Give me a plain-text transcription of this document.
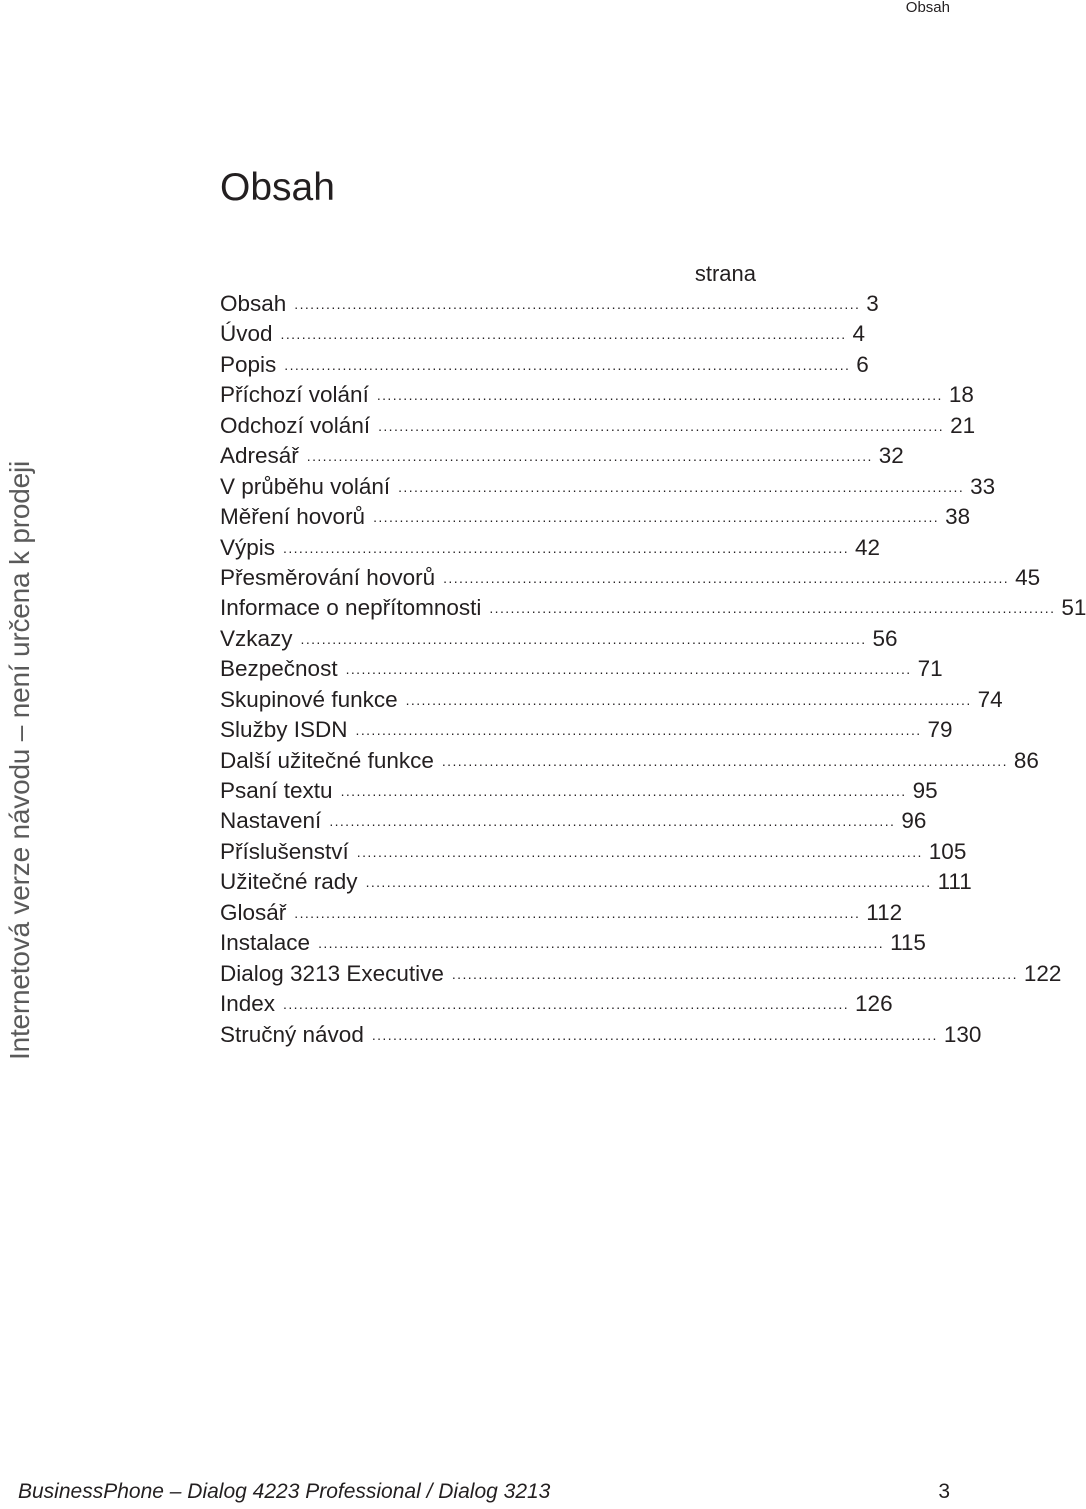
Obsah
Internetová verze návodu – není určena k prodeji
Obsah
strana
Obsah ........................................................................................................... 3
Úvod ........................................................................................................... 4
Popis ........................................................................................................... 6
Příchozí volání ........................................................................................................... 18
Odchozí volání ........................................................................................................... 21
Adresář ........................................................................................................... 32
V průběhu volání ........................................................................................................... 33
Měření hovorů ........................................................................................................... 38
Výpis ........................................................................................................... 42
Přesměrování hovorů ........................................................................................................... 45
Informace o nepřítomnosti ........................................................................................................... 51
Vzkazy ........................................................................................................... 56
Bezpečnost ........................................................................................................... 71
Skupinové funkce ........................................................................................................... 74
Služby ISDN ........................................................................................................... 79
Další užitečné funkce ........................................................................................................... 86
Psaní textu ........................................................................................................... 95
Nastavení ........................................................................................................... 96
Příslušenství ........................................................................................................... 105
Užitečné rady ........................................................................................................... 111
Glosář ........................................................................................................... 112
Instalace ........................................................................................................... 115
Dialog 3213 Executive ........................................................................................................... 122
Index ........................................................................................................... 126
Stručný návod ........................................................................................................... 130
BusinessPhone – Dialog 4223 Professional / Dialog 3213	3
